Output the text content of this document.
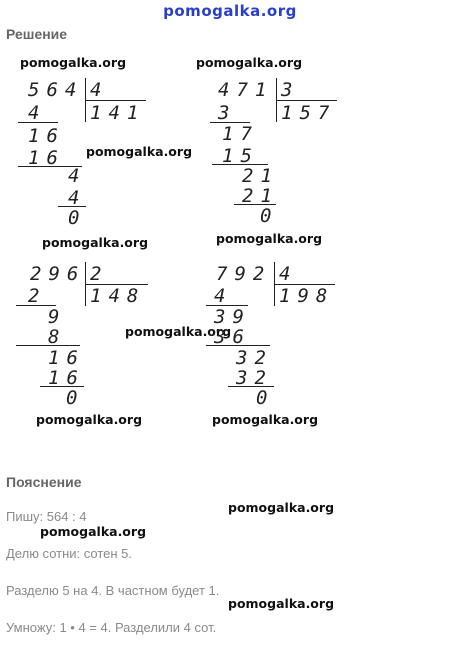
pomogalka.org
Решение
pomogalka.org	pomogalka.org
pomogalka.org
pomogalka.org	pomogalka.org
pomogalka.org
pomogalka.org	pomogalka.org
564 4
141
4
16
16
4
4
0
471 3
157
3
17
15
21
21
0
296 2
148
2
9
8
16
16
0
792 4
198
4
39
36
32
32
0
Пояснение
pomogalka.org
Пишу: 564 : 4
pomogalka.org
Делю сотни: сотен 5.
Разделю 5 на 4. В частном будет 1.
pomogalka.org
Умножу: 1 • 4 = 4. Разделили 4 сот.
